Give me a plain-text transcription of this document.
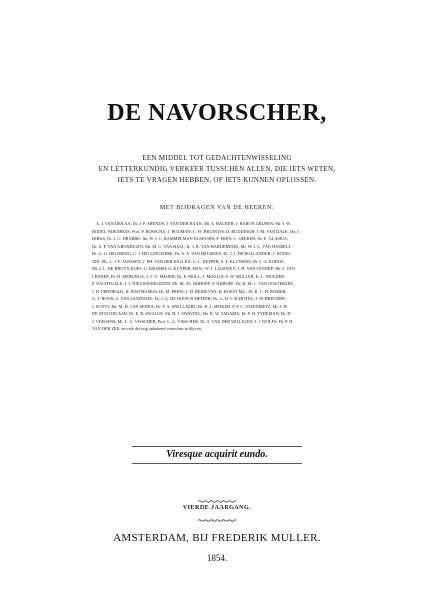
DE NAVORSCHER,
EEN MIDDEL TOT GEDACHTENWISSELING
EN LETTERKUNDIG VERKEER TUSSCHEN ALLEN, DIE IETS WETEN,
IETS TE VRAGEN HEBBEN, OF IETS KUNNEN OPLOSSEN.
MET BIJDRAGEN VAN DE HEEREN:
A. J. VAN DER AA; Dr. J. P. ARENDS; J. VAN DER BAAN; Mr. A. BACKER; J. BARON GRIJSEN; Mr. J. W.
BODEL-NIJENHUIS; Prof. P. BOSSCHA; J. BOUMAN; C. W. BRUINVIS; D. BUDDINGH; J. M. VAN DALE; Mr. J.
DIRKS; Dr. J. C. DRABBE; Jhr. W. J. C. RAMMELMAN ELSEVIER; F. FREY; C. GEERDS; Dr. E. GLASIUS;
Dr. A. F. VAN GRONINGEN; Mr. M. C. VAN HALL; K. J. R. VAN HARDERWIJK; Mr. W. J. C. VAN HASSELT;
Dr. G. G. HELDRING; C. J. HELLINGWERF; Dr. A. A. VAN HEUSDEN; Dr. J. J. DE HOLLANDER; J. HONIG
JZN. JR.; L. J. F. JANSSEN; J. PH. VAN DER KELLEN; G. L. KEPPER; S. F. KLUNSMA; Dr. J. G. KORGE;
Mr. J. L. DE BRUYN KOPS; G. KRAMM; G. KUYPER, HZN.; W. J. LAGEWEY; J. H. VAN LENNEP; Mr. J. VAN
LENNEP; Dr. H. MEBIJNGA; J. F. G. MEIJER; Dr. E. MOLL; J. MOULIN; F. W. MULLER; K. L. MULDER;
P. NACHTGALE; J. J. NIEUWENHUIJZEN; Mr. IR. AV. NIJHOFF; P. NIJHOFF; Dr. H. M. C. VAN OOSTERZEE;
J. H. PERTHOLD; K. POSTHUMUS; Dr. M. PRINS; J. H. REINEVAN; H. ROEST MZ.; Dr. R. C. H. ROMER;
G. T. ROOS; G. VAN SANDWIJK; Dr. J. G. DE HOOP SCHEFFER; Dr. G. D. J. SCHOTEL; J. SCHREUDER;
J. SCOTT; Jhr. M. H. VAN SEINIA; Dr. F. A. SNELLAERT; Dr. H. J. SPIJKER; P. P. C. STEENMETZ; Mr. J. H.
DE STOOTELAAR; Dr. E. B. SWALUE; Mr. H. J. SWAVING; Mr. R. W. TADAMA; Dr. P. H. TYDEMAN; Dr. D.
J. VEEGENS; Mr. L. G. VISSCHER; Prof. L. G. VISSCHER; Dr. A. VAN DER WILLIGEN; J. J. WOLFS; Dr. P. H.
VAN DER ZEE; en vele die nog onbekend wenschen te blijven.
Viresque acquirit eundo.
VIERDE JAARGANG.
AMSTERDAM, BIJ FREDERIK MULLER.
1854.
